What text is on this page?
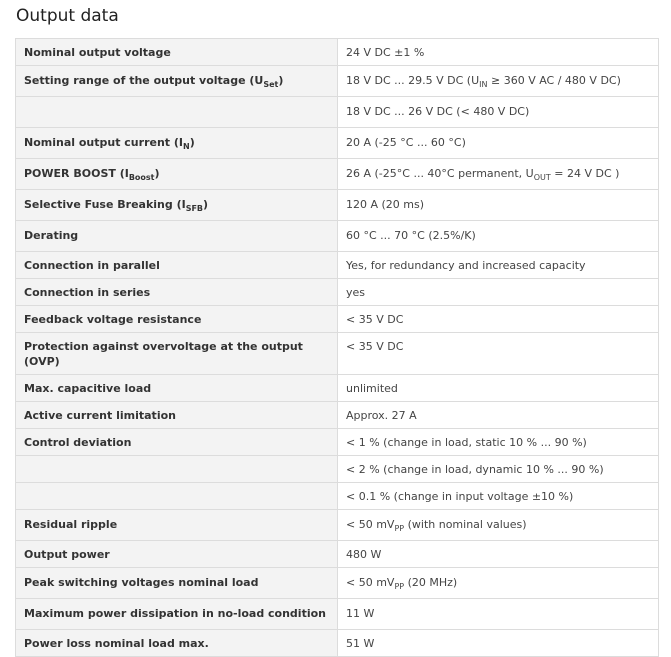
Output data
Nominal output voltage	24 V DC ±1 %
Setting range of the output voltage $(U_{Set})$	18 V DC ... 29.5 V DC ($U_{IN} \ge 360$ V AC / 480 V DC)
	18 V DC ... 26 V DC (< 480 V DC)
Nominal output current $(I_N)$	20 A (-25 °C ... 60 °C)
POWER BOOST $(I_{Boost})$	26 A (-25°C ... 40°C permanent, $U_{OUT} = 24$ V DC )
Selective Fuse Breaking $(I_{SFB})$	120 A (20 ms)
Derating	60 °C ... 70 °C (2.5%/K)
Connection in parallel	Yes, for redundancy and increased capacity
Connection in series	yes
Feedback voltage resistance	< 35 V DC
Protection against overvoltage at the output (OVP)	< 35 V DC
Max. capacitive load	unlimited
Active current limitation	Approx. 27 A
Control deviation	< 1 % (change in load, static 10 % ... 90 %)
	< 2 % (change in load, dynamic 10 % ... 90 %)
	< 0.1 % (change in input voltage ±10 %)
Residual ripple	< 50 $mV_{PP}$ (with nominal values)
Output power	480 W
Peak switching voltages nominal load	< 50 $mV_{PP}$ (20 MHz)
Maximum power dissipation in no-load condition	11 W
Power loss nominal load max.	51 W
